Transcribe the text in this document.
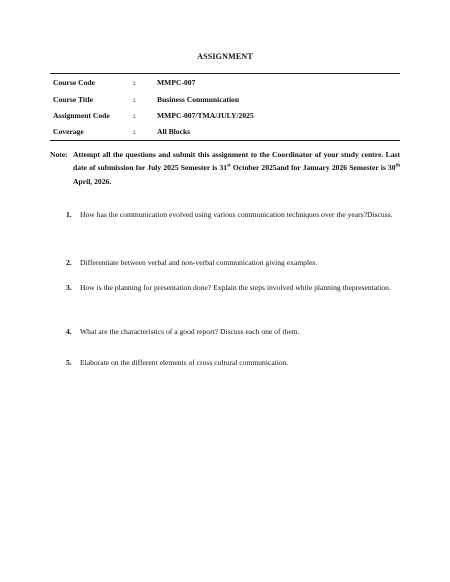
ASSIGNMENT
Course Code	:	MMPC-007
Course Title	:	Business Communication
Assignment Code	:	MMPC-007/TMA/JULY/2025
Coverage	:	All Blocks
Note: Attempt all the questions and submit this assignment to the Coordinator of your study centre. Last date of submission for July 2025 Semester is 31st October 2025and for January 2026 Semester is 30th April, 2026.
1. How has the communication evolved using various communication techniques over the years?Discuss.
2. Differentiate between verbal and non-verbal communication giving examples.
3. How is the planning for presentation done? Explain the steps involved while planning thepresentation.
4. What are the characteristics of a good report? Discuss each one of them.
5. Elaborate on the different elements of cross cultural communication.
